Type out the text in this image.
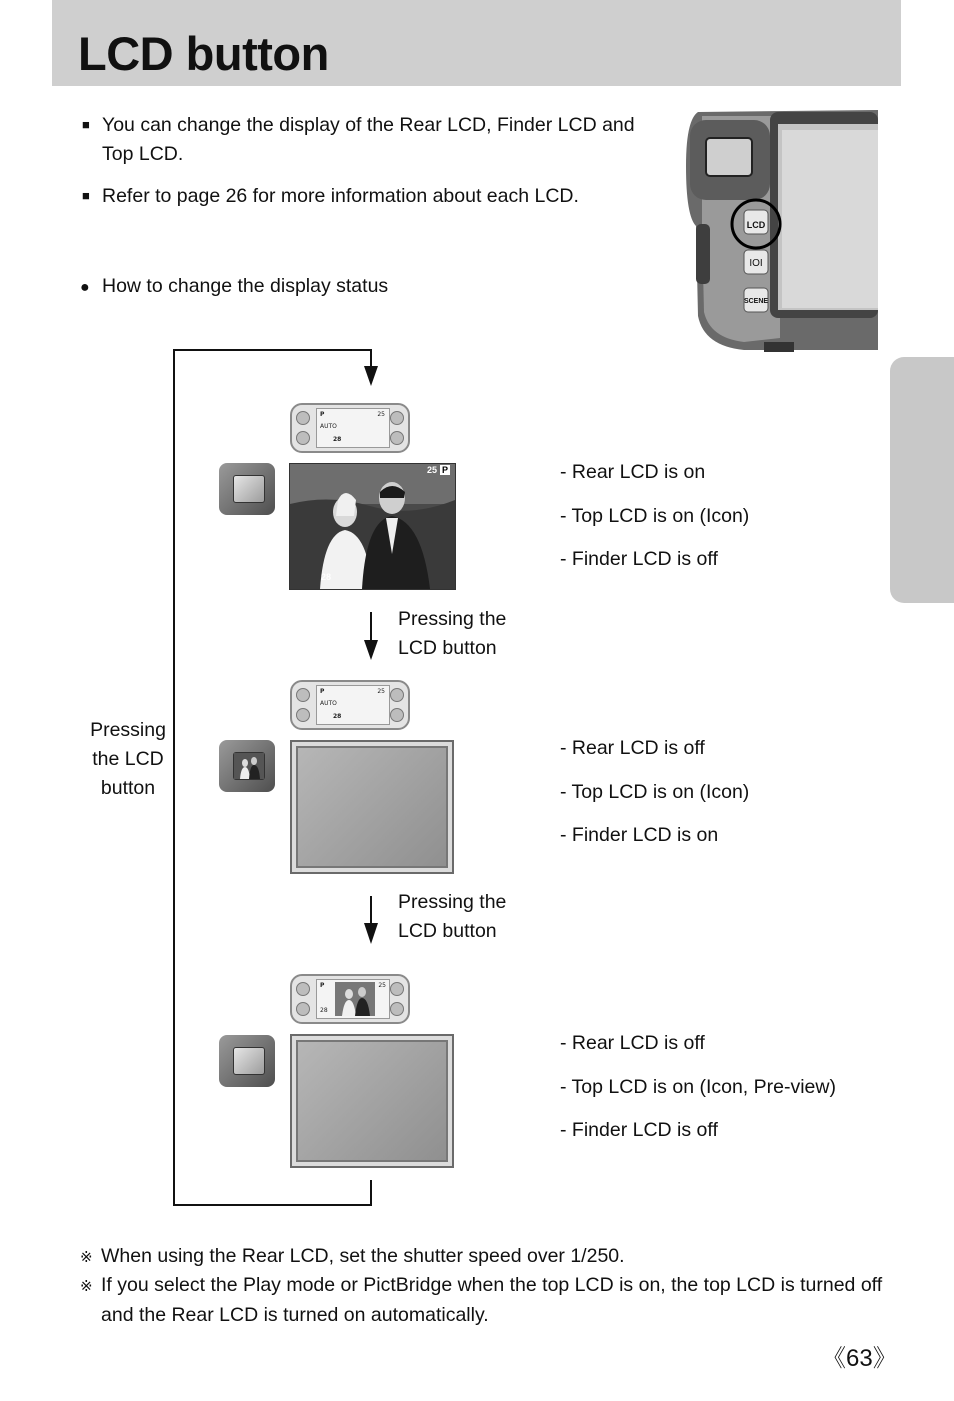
LCD button
■ You can change the display of the Rear LCD, Finder LCD and
Top LCD.
■ Refer to page 26 for more information about each LCD.
● How to change the display status
LCD
IOI
SCENE
Pressing
the LCD
button
Pressing the
LCD button
Pressing the
LCD button
P	25
AUTO
28
25 P
28
- Rear LCD is on
- Top LCD is on (Icon)
- Finder LCD is off
P	25
AUTO
28
- Rear LCD is off
- Top LCD is on (Icon)
- Finder LCD is on
P	25
28
- Rear LCD is off
- Top LCD is on (Icon, Pre-view)
- Finder LCD is off
※ When using the Rear LCD, set the shutter speed over 1/250.
※ If you select the Play mode or PictBridge when the top LCD is on, the top LCD is turned off
and the Rear LCD is turned on automatically.
《63》
